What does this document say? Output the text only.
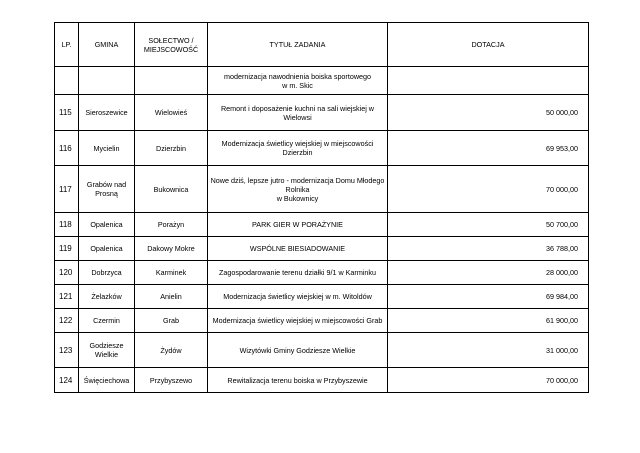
LP.	GMINA	SOŁECTWO /
MIEJSCOWOŚĆ	TYTUŁ ZADANIA	DOTACJA
			modernizacja nawodnienia boiska sportowego
w m. Skic	
115	Sieroszewice	Wielowieś	Remont i doposażenie kuchni na sali wiejskiej w
Wielowsi	50 000,00
116	Mycielin	Dzierzbin	Modernizacja świetlicy wiejskiej w miejscowości
Dzierzbin	69 953,00
117	Grabów nad
Prosną	Bukownica	Nowe dziś, lepsze jutro - modernizacja Domu Młodego
Rolnika
w Bukownicy	70 000,00
118	Opalenica	Porażyn	PARK GIER W PORAŻYNIE	50 700,00
119	Opalenica	Dakowy Mokre	WSPÓLNE BIESIADOWANIE	36 788,00
120	Dobrzyca	Karminek	Zagospodarowanie terenu działki 9/1 w Karminku	28 000,00
121	Żelazków	Anielin	Modernizacja świetlicy wiejskiej w m. Witoldów	69 984,00
122	Czermin	Grab	Modernizacja świetlicy wiejskiej w miejscowości Grab	61 900,00
123	Godziesze
Wielkie	Żydów	Wizytówki Gminy Godziesze Wielkie	31 000,00
124	Święciechowa	Przybyszewo	Rewitalizacja terenu boiska w Przybyszewie	70 000,00
